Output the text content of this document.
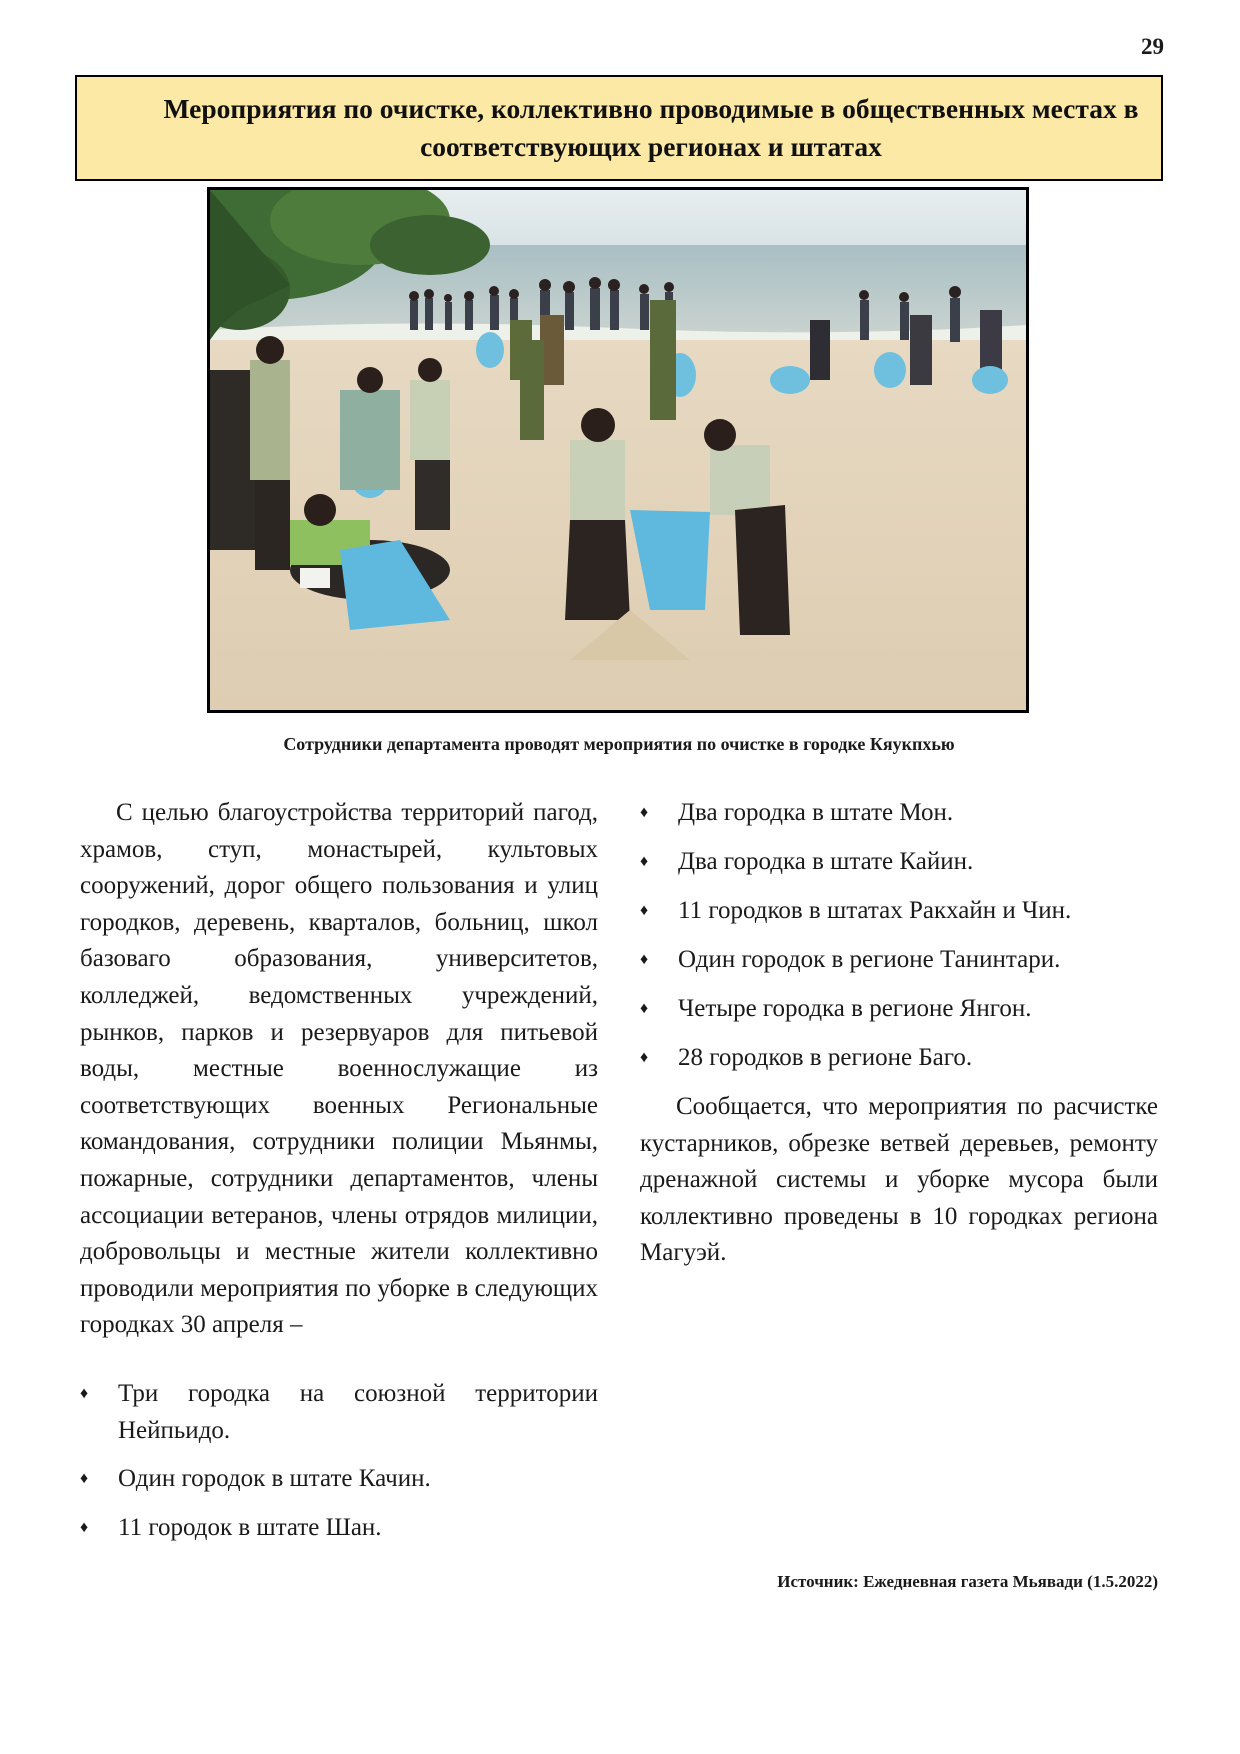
29
Мероприятия по очистке, коллективно проводимые в общественных местах в соответствующих регионах и штатах
Сотрудники департамента проводят мероприятия по очистке в городке Кяукпхью

С целью благоустройства территорий пагод, храмов, ступ, монастырей, культовых сооружений, дорог общего пользования и улиц городков, деревень, кварталов, больниц, школ базоваго образования, университетов, колледжей, ведомственных учреждений, рынков, парков и резервуаров для питьевой воды, местные военнослужащие из соответствующих военных Региональные командования, сотрудники полиции Мьянмы, пожарные, сотрудники департаментов, члены ассоциации ветеранов, члены отрядов милиции, добровольцы и местные жители коллективно проводили мероприятия по уборке в следующих городках 30 апреля –

♦ Три городка на союзной территории Нейпьидо.
♦ Один городок в штате Качин.
♦ 11 городок в штате Шан.
♦ Два городка в штате Мон.
♦ Два городка в штате Кайин.
♦ 11 городков в штатах Ракхайн и Чин.
♦ Один городок в регионе Танинтари.
♦ Четыре городка в регионе Янгон.
♦ 28 городков в регионе Баго.

Сообщается, что мероприятия по расчистке кустарников, обрезке ветвей деревьев, ремонту дренажной системы и уборке мусора были коллективно проведены в 10 городках региона Магуэй.

Источник: Ежедневная газета Мьявади (1.5.2022)
